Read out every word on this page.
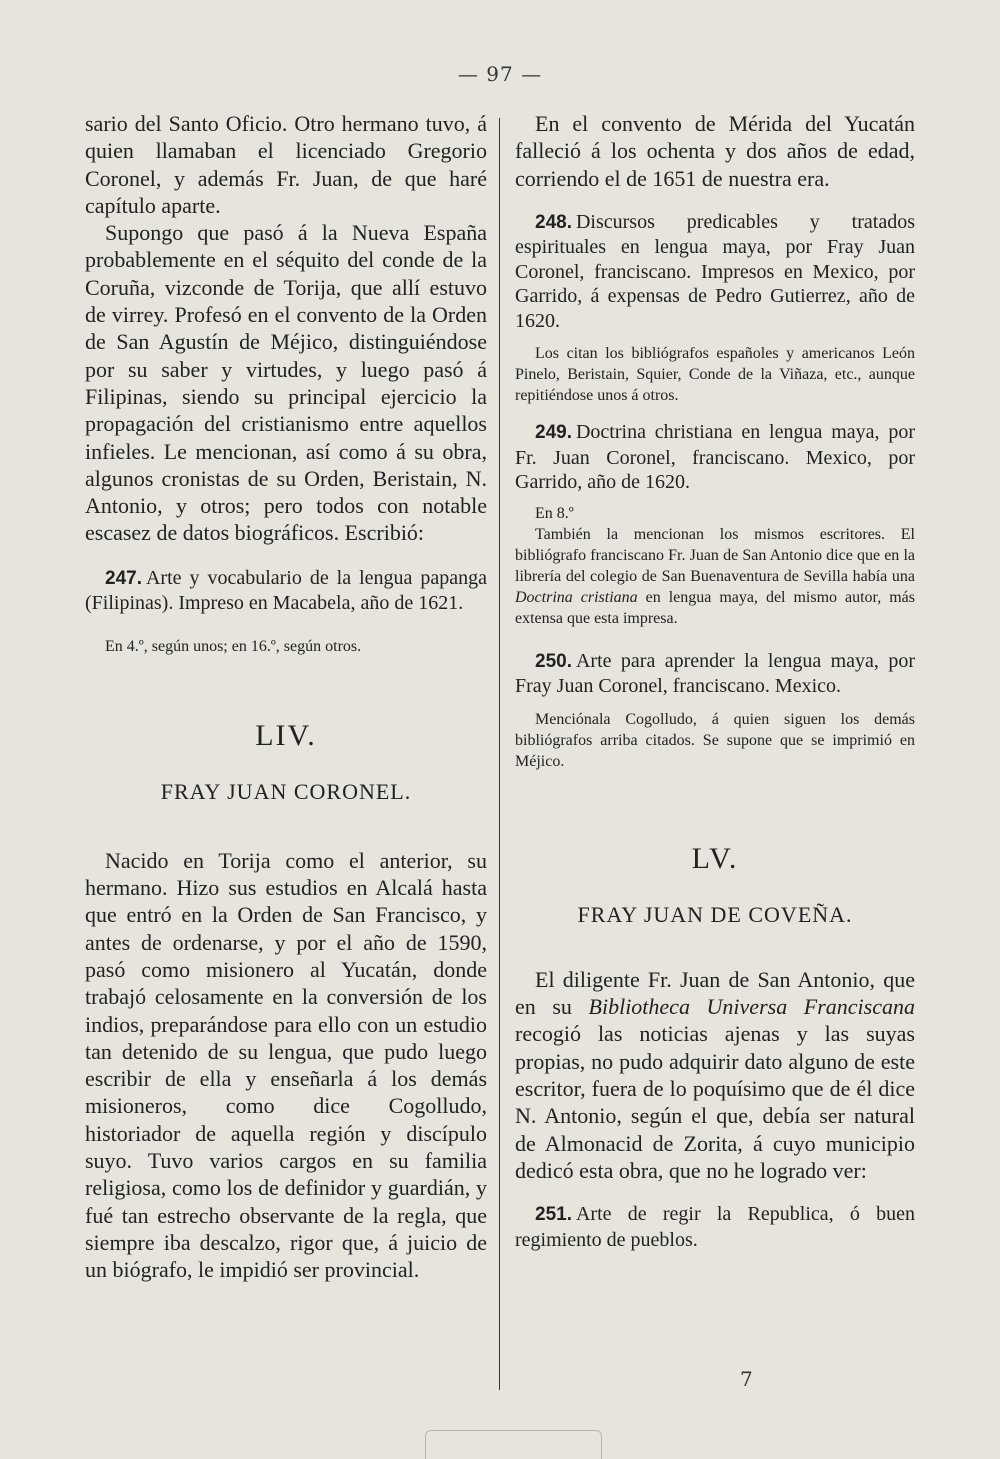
— 97 —

sario del Santo Oficio. Otro hermano tuvo, á quien llamaban el licenciado Gregorio Coronel, y además Fr. Juan, de que haré capítulo aparte.

Supongo que pasó á la Nueva España probablemente en el séquito del conde de la Coruña, vizconde de Torija, que allí estuvo de virrey. Profesó en el convento de la Orden de San Agustín de Méjico, distinguiéndose por su saber y virtudes, y luego pasó á Filipinas, siendo su principal ejercicio la propagación del cristianismo entre aquellos infieles. Le mencionan, así como á su obra, algunos cronistas de su Orden, Beristain, N. Antonio, y otros; pero todos con notable escasez de datos biográficos. Escribió:

247. Arte y vocabulario de la lengua papanga (Filipinas). Impreso en Macabela, año de 1621.

En 4.º, según unos; en 16.º, según otros.

LIV.
FRAY JUAN CORONEL.

Nacido en Torija como el anterior, su hermano. Hizo sus estudios en Alcalá hasta que entró en la Orden de San Francisco, y antes de ordenarse, y por el año de 1590, pasó como misionero al Yucatán, donde trabajó celosamente en la conversión de los indios, preparándose para ello con un estudio tan detenido de su lengua, que pudo luego escribir de ella y enseñarla á los demás misioneros, como dice Cogolludo, historiador de aquella región y discípulo suyo. Tuvo varios cargos en su familia religiosa, como los de definidor y guardián, y fué tan estrecho observante de la regla, que siempre iba descalzo, rigor que, á juicio de un biógrafo, le impidió ser provincial.

En el convento de Mérida del Yucatán falleció á los ochenta y dos años de edad, corriendo el de 1651 de nuestra era.

248. Discursos predicables y tratados espirituales en lengua maya, por Fray Juan Coronel, franciscano. Impresos en Mexico, por Garrido, á expensas de Pedro Gutierrez, año de 1620.

Los citan los bibliógrafos españoles y americanos León Pinelo, Beristain, Squier, Conde de la Viñaza, etc., aunque repitiéndose unos á otros.

249. Doctrina christiana en lengua maya, por Fr. Juan Coronel, franciscano. Mexico, por Garrido, año de 1620.

En 8.º

También la mencionan los mismos escritores. El bibliógrafo franciscano Fr. Juan de San Antonio dice que en la librería del colegio de San Buenaventura de Sevilla había una Doctrina cristiana en lengua maya, del mismo autor, más extensa que esta impresa.

250. Arte para aprender la lengua maya, por Fray Juan Coronel, franciscano. Mexico.

Menciónala Cogolludo, á quien siguen los demás bibliógrafos arriba citados. Se supone que se imprimió en Méjico.

LV.
FRAY JUAN DE COVEÑA.

El diligente Fr. Juan de San Antonio, que en su Bibliotheca Universa Franciscana recogió las noticias ajenas y las suyas propias, no pudo adquirir dato alguno de este escritor, fuera de lo poquísimo que de él dice N. Antonio, según el que, debía ser natural de Almonacid de Zorita, á cuyo municipio dedicó esta obra, que no he logrado ver:

251. Arte de regir la Republica, ó buen regimiento de pueblos.

7
